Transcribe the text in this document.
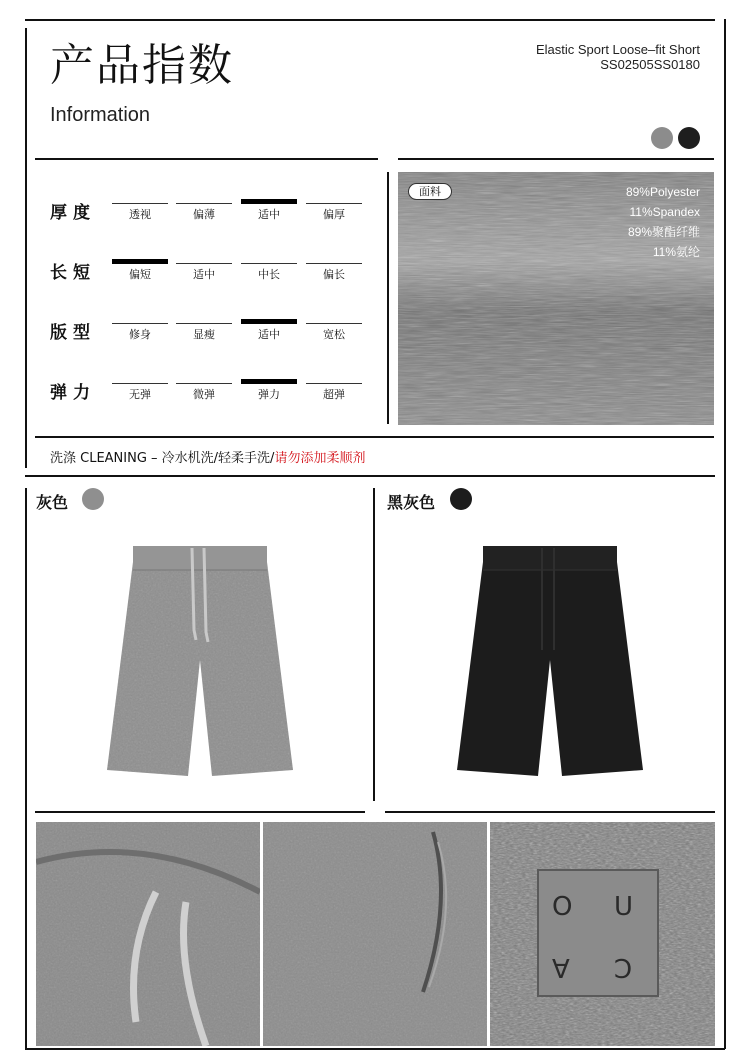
产品指数
Information
Elastic Sport Loose–fit Short
SS02505SS0180
厚度	透视	偏薄	适中	偏厚
长短	偏短	适中	中长	偏长
版型	修身	显瘦	适中	宽松
弹力	无弹	微弹	弹力	超弹
面料	89%Polyester
11%Spandex
89%聚酯纤维
11%氨纶
洗涤 CLEANING – 冷水机洗/轻柔手洗/请勿添加柔顺剂
灰色	黑灰色
O U
A C
